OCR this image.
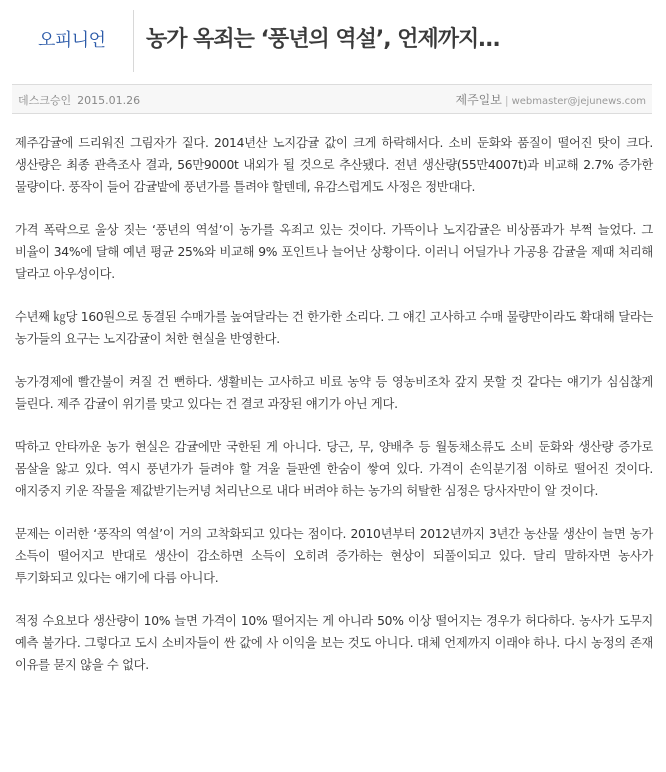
오피니언 농가 옥죄는 ‘풍년의 역설’, 언제까지…
데스크승인 2015.01.26	제주일보 | webmaster@jejunews.com

제주감귤에 드리워진 그림자가 짙다. 2014년산 노지감귤 값이 크게 하락해서다. 소비 둔화와 품질이 떨어진 탓이 크다. 생산량은 최종 관측조사 결과, 56만9000t 내외가 될 것으로 추산됐다. 전년 생산량(55만4007t)과 비교해 2.7% 증가한 물량이다. 풍작이 들어 감귤밭에 풍년가를 틀려야 할텐데, 유감스럽게도 사정은 정반대다.

가격 폭락으로 울상 짓는 ‘풍년의 역설’이 농가를 옥죄고 있는 것이다. 가뜩이나 노지감귤은 비상품과가 부쩍 늘었다. 그 비율이 34%에 달해 예년 평균 25%와 비교해 9% 포인트나 늘어난 상황이다. 이러니 어딜가나 가공용 감귤을 제때 처리해 달라고 아우성이다.

수년째 ㎏당 160원으로 동결된 수매가를 높여달라는 건 한가한 소리다. 그 얘긴 고사하고 수매 물량만이라도 확대해 달라는 농가들의 요구는 노지감귤이 처한 현실을 반영한다.

농가경제에 빨간불이 켜질 건 뻔하다. 생활비는 고사하고 비료 농약 등 영농비조차 갚지 못할 것 같다는 얘기가 심심찮게 들린다. 제주 감귤이 위기를 맞고 있다는 건 결코 과장된 얘기가 아닌 게다.

딱하고 안타까운 농가 현실은 감귤에만 국한된 게 아니다. 당근, 무, 양배추 등 월동채소류도 소비 둔화와 생산량 증가로 몸살을 앓고 있다. 역시 풍년가가 들려야 할 겨울 들판엔 한숨이 쌓여 있다. 가격이 손익분기점 이하로 떨어진 것이다. 애지중지 키운 작물을 제값받기는커녕 처리난으로 내다 버려야 하는 농가의 허탈한 심정은 당사자만이 알 것이다.

문제는 이러한 ‘풍작의 역설’이 거의 고착화되고 있다는 점이다. 2010년부터 2012년까지 3년간 농산물 생산이 늘면 농가 소득이 떨어지고 반대로 생산이 감소하면 소득이 오히려 증가하는 현상이 되풀이되고 있다. 달리 말하자면 농사가 투기화되고 있다는 얘기에 다름 아니다.

적정 수요보다 생산량이 10% 늘면 가격이 10% 떨어지는 게 아니라 50% 이상 떨어지는 경우가 허다하다. 농사가 도무지 예측 불가다. 그렇다고 도시 소비자들이 싼 값에 사 이익을 보는 것도 아니다. 대체 언제까지 이래야 하나. 다시 농정의 존재 이유를 묻지 않을 수 없다.
